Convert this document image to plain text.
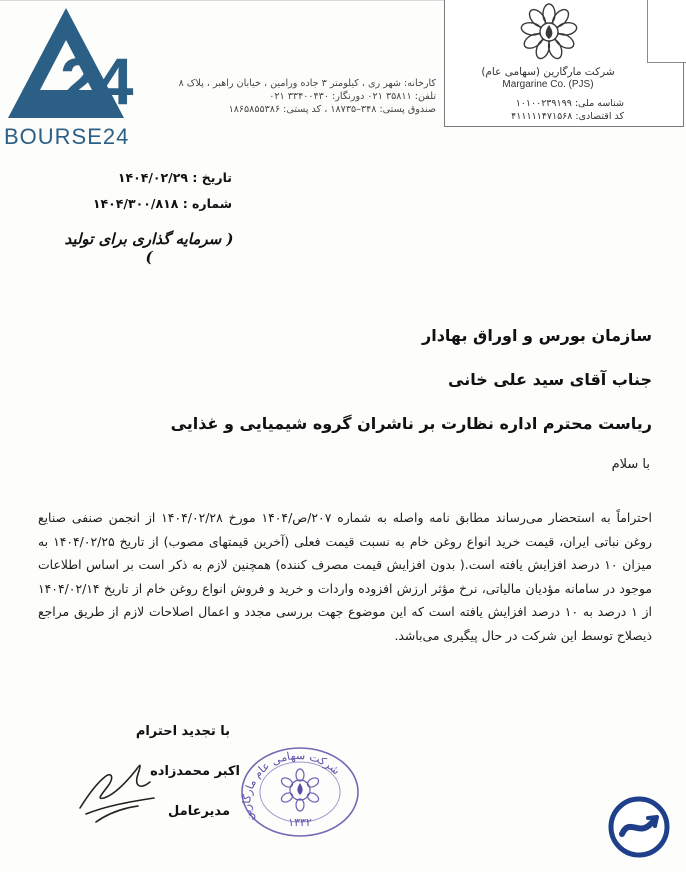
24
BOURSE24
کارخانه: شهر ری ، کیلومتر ۳ جاده ورامین ، خیابان راهبر ، پلاک ۸
تلفن: ۳۵۸۱۱ ۰۲۱ دورنگار: ۳۳۴۰۰۴۳۰ ۰۲۱
صندوق پستی: ۳۴۸–۱۸۷۳۵ ، کد پستی: ۱۸۶۵۸۵۵۳۸۶
شرکت مارگارین (سهامی عام)
Margarine Co. (PJS)
شناسه ملی: ۱۰۱۰۰۲۳۹۱۹۹
کد اقتصادی: ۴۱۱۱۱۱۴۷۱۵۶۸
تاریخ : ۱۴۰۴/۰۲/۲۹
شماره : ۱۴۰۴/۳۰۰/۸۱۸
( سرمایه گذاری برای تولید )
سازمان بورس و اوراق بهادار
جناب آقای سید علی خانی
ریاست محترم اداره نظارت بر ناشران گروه شیمیایی و غذایی
با سلام
احتراماً به استحضار می‌رساند مطابق نامه واصله به شماره ۲۰۷/ص/۱۴۰۴ مورخ ۱۴۰۴/۰۲/۲۸ از انجمن صنفی صنایع روغن نباتی ایران، قیمت خرید انواع روغن خام به نسبت قیمت فعلی (آخرین قیمتهای مصوب) از تاریخ ۱۴۰۴/۰۲/۲۵ به میزان ۱۰ درصد افزایش یافته است.( بدون افزایش قیمت مصرف کننده) همچنین لازم به ذکر است بر اساس اطلاعات موجود در سامانه مؤدیان مالیاتی، نرخ مؤثر ارزش افزوده واردات و خرید و فروش انواع روغن خام از تاریخ ۱۴۰۴/۰۲/۱۴ از ۱ درصد به ۱۰ درصد افزایش یافته است که این موضوع جهت بررسی مجدد و اعمال اصلاحات لازم از طریق مراجع ذیصلاح توسط این شرکت در حال پیگیری می‌باشد.
با تجدید احترام
اکبر محمدزاده
مدیرعامل شرکت سهامی عام مارگارین
۱۳۳۲
